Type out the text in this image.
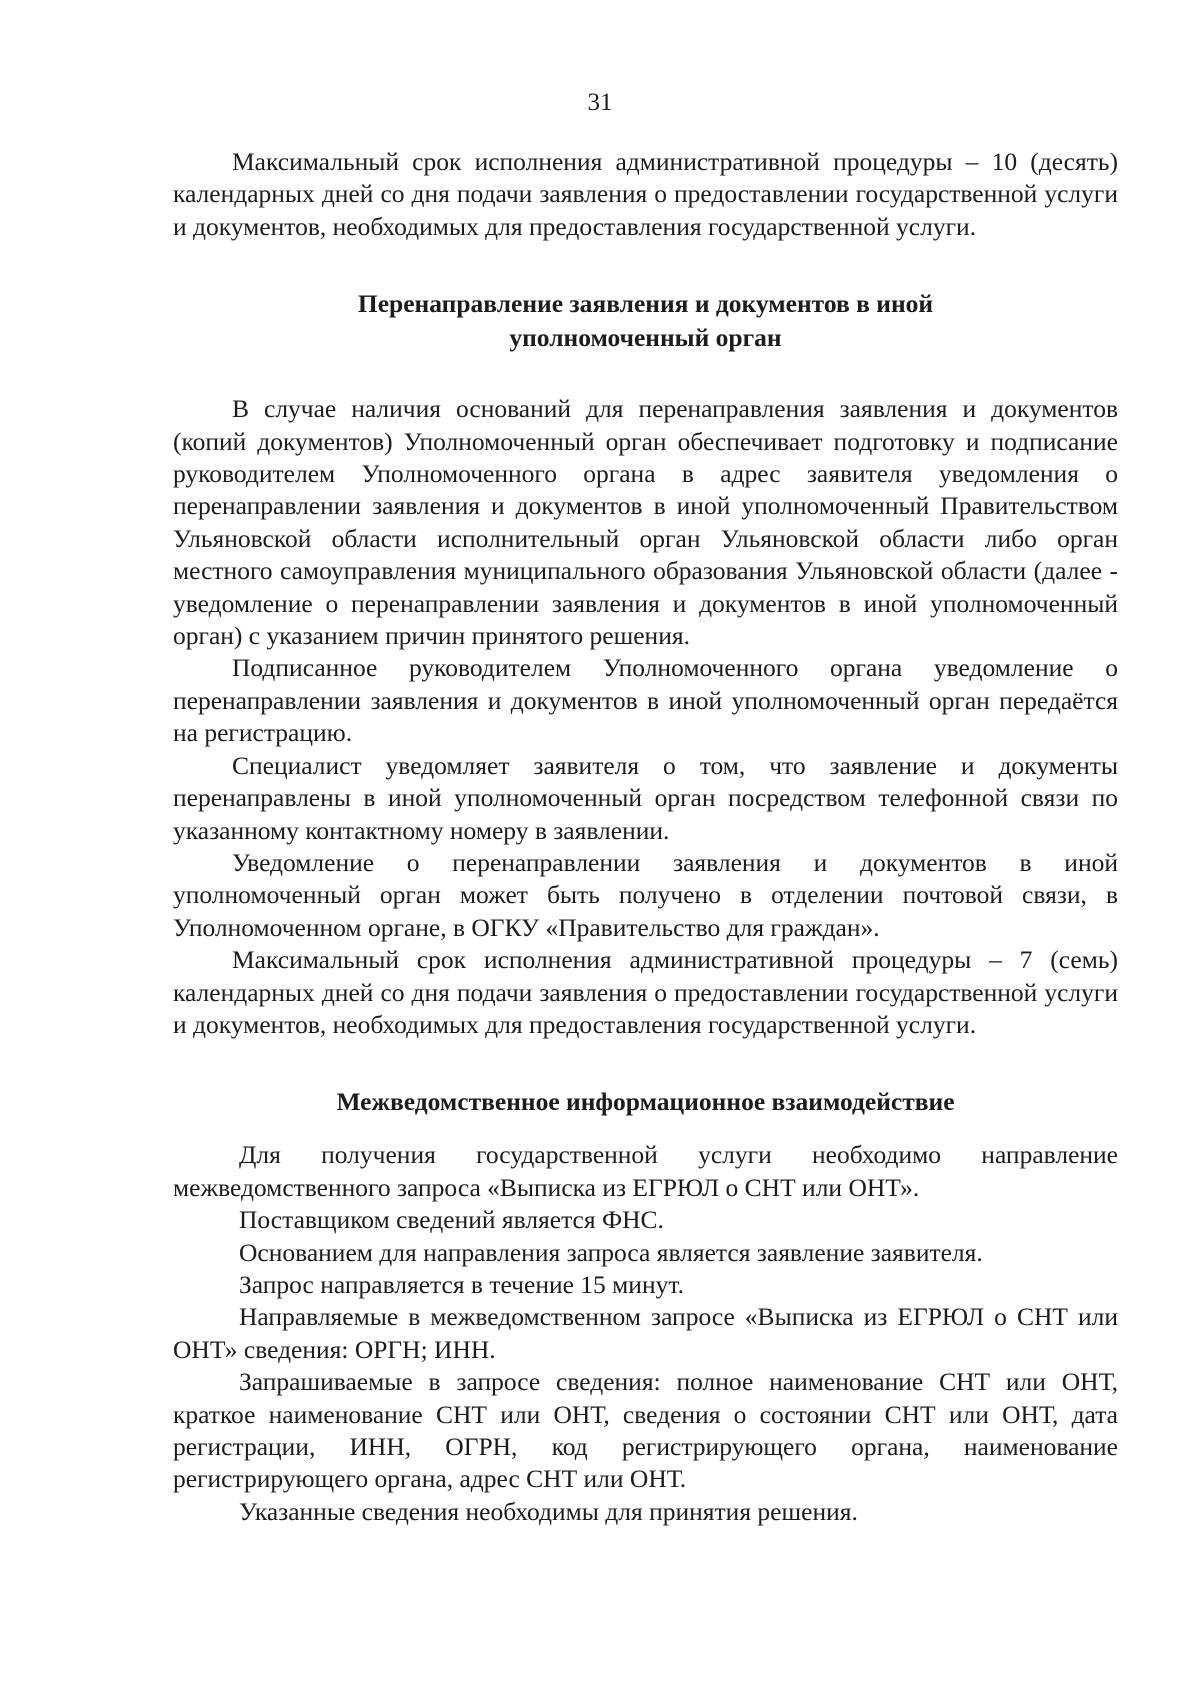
31

Максимальный срок исполнения административной процедуры – 10 (десять) календарных дней со дня подачи заявления о предоставлении государственной услуги и документов, необходимых для предоставления государственной услуги.

Перенаправление заявления и документов в иной
уполномоченный орган

В случае наличия оснований для перенаправления заявления и документов (копий документов) Уполномоченный орган обеспечивает подготовку и подписание руководителем Уполномоченного органа в адрес заявителя уведомления о перенаправлении заявления и документов в иной уполномоченный Правительством Ульяновской области исполнительный орган Ульяновской области либо орган местного самоуправления муниципального образования Ульяновской области (далее - уведомление о перенаправлении заявления и документов в иной уполномоченный орган) с указанием причин принятого решения.

Подписанное руководителем Уполномоченного органа уведомление о перенаправлении заявления и документов в иной уполномоченный орган передаётся на регистрацию.

Специалист уведомляет заявителя о том, что заявление и документы перенаправлены в иной уполномоченный орган посредством телефонной связи по указанному контактному номеру в заявлении.

Уведомление о перенаправлении заявления и документов в иной уполномоченный орган может быть получено в отделении почтовой связи, в Уполномоченном органе, в ОГКУ «Правительство для граждан».

Максимальный срок исполнения административной процедуры – 7 (семь) календарных дней со дня подачи заявления о предоставлении государственной услуги и документов, необходимых для предоставления государственной услуги.

Межведомственное информационное взаимодействие

Для получения государственной услуги необходимо направление межведомственного запроса «Выписка из ЕГРЮЛ о СНТ или ОНТ».

Поставщиком сведений является ФНС.

Основанием для направления запроса является заявление заявителя.

Запрос направляется в течение 15 минут.

Направляемые в межведомственном запросе «Выписка из ЕГРЮЛ о СНТ или ОНТ» сведения: ОРГН; ИНН.

Запрашиваемые в запросе сведения: полное наименование СНТ или ОНТ, краткое наименование СНТ или ОНТ, сведения о состоянии СНТ или ОНТ, дата регистрации, ИНН, ОГРН, код регистрирующего органа, наименование регистрирующего органа, адрес СНТ или ОНТ.

Указанные сведения необходимы для принятия решения.
